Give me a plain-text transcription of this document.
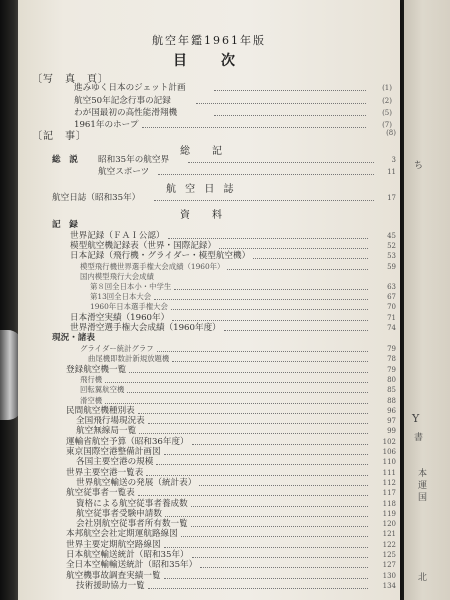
航空年鑑1961年版
目　次
〔写　真　頁〕
進みゆく日本のジェット計画	(1)
航空50年記念行事の記録	(2)
わが国最初の高性能滑翔機	(5)
1961年のホープ	(7)
(8)
〔記　事〕
総　記
総　説 昭和35年の航空界	3
航空スポーツ	11
航 空 日 誌
航空日誌（昭和35年）	17
資　料
記　録
世界記録（ＦＡＩ公認）	45
模型航空機記録表（世界・国際記録）	52
日本記録（飛行機・グライダー・模型航空機）	53
模型飛行機世界選手権大会成績（1960年）	59
国内模型飛行大会成績
第８回全日本小・中学生	63
第13回全日本大会	67
1960年日本選手権大会	70
日本滑空実績（1960年）	71
世界滑空選手権大会成績（1960年度）	74
現況・諸表
グライダー統計グラフ	79
曲尾機即数計新規放題機	78
登録航空機一覧	79
飛行機	80
回転翼航空機	85
滑空機	88
民間航空機種別表	96
全国飛行場現況表	97
航空無線局一覧	99
運輸省航空予算（昭和36年度）	102
東京国際空港整備計画図	106
各国主要空港の規模	110
世界主要空港一覧表	111
世界航空輸送の発展（統計表）	112
航空従事者一覧表	117
資格による航空従事者養成数	118
航空従事者受験申請数	119
会社別航空従事者所有数一覧	120
本邦航空会社定期運航路線図	121
世界主要定期航空路線図	122
日本航空輸送統計（昭和35年）	125
全日本空輸輸送統計（昭和35年）	127
航空機事故調査実績一覧	130
技術援助協力一覧	134
ち
Y
書
本
運
国
北
